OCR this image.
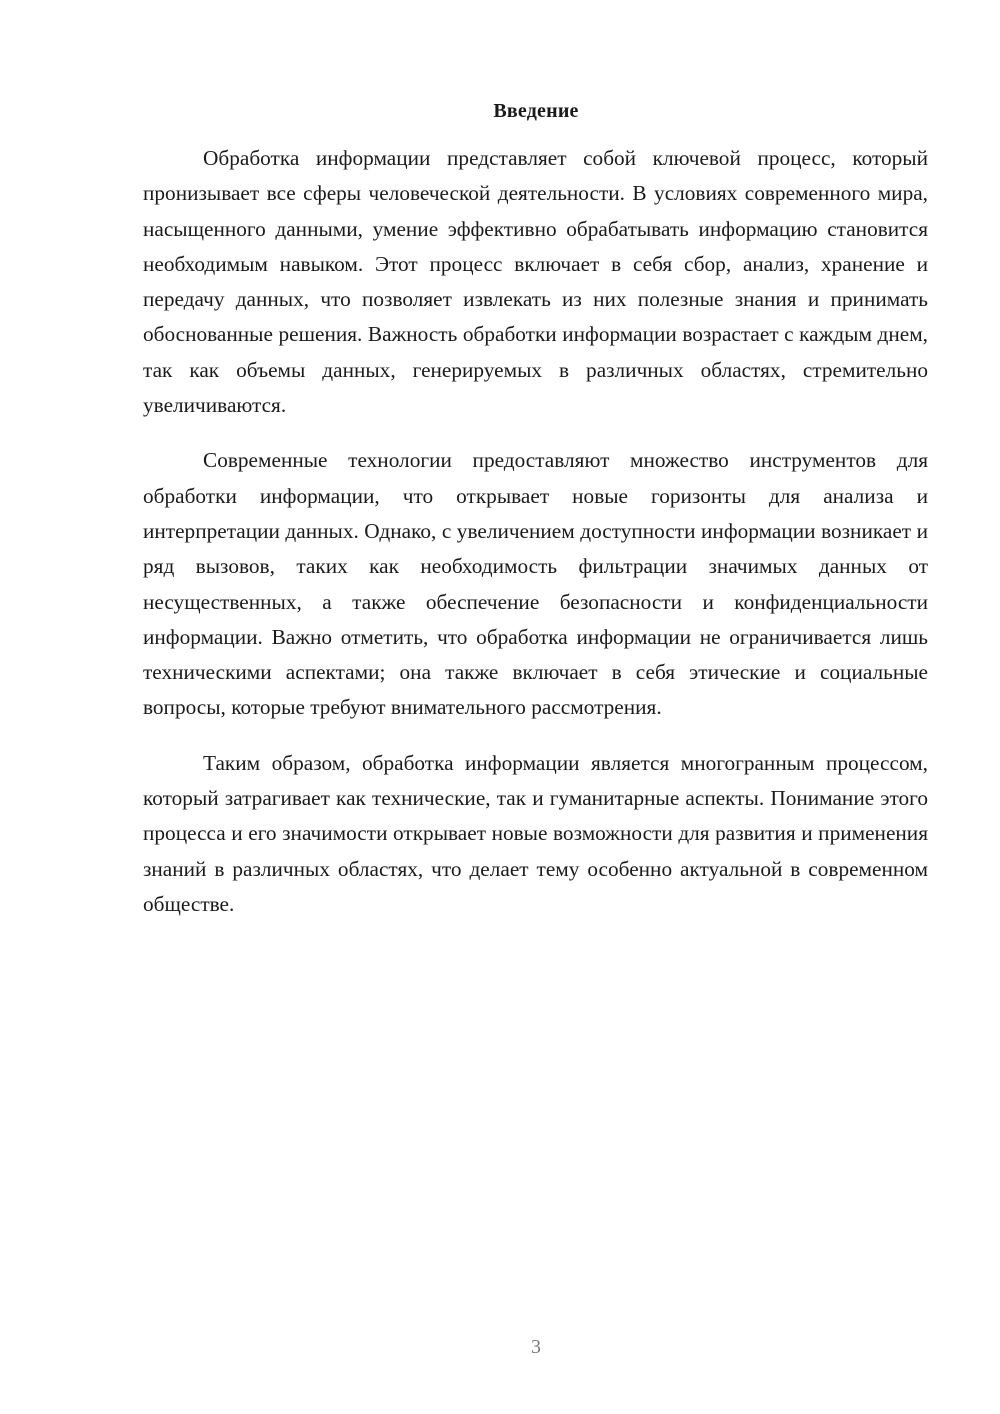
Введение

Обработка информации представляет собой ключевой процесс, который пронизывает все сферы человеческой деятельности. В условиях современного мира, насыщенного данными, умение эффективно обрабатывать информацию становится необходимым навыком. Этот процесс включает в себя сбор, анализ, хранение и передачу данных, что позволяет извлекать из них полезные знания и принимать обоснованные решения. Важность обработки информации возрастает с каждым днем, так как объемы данных, генерируемых в различных областях, стремительно увеличиваются.

Современные технологии предоставляют множество инструментов для обработки информации, что открывает новые горизонты для анализа и интерпретации данных. Однако, с увеличением доступности информации возникает и ряд вызовов, таких как необходимость фильтрации значимых данных от несущественных, а также обеспечение безопасности и конфиденциальности информации. Важно отметить, что обработка информации не ограничивается лишь техническими аспектами; она также включает в себя этические и социальные вопросы, которые требуют внимательного рассмотрения.

Таким образом, обработка информации является многогранным процессом, который затрагивает как технические, так и гуманитарные аспекты. Понимание этого процесса и его значимости открывает новые возможности для развития и применения знаний в различных областях, что делает тему особенно актуальной в современном обществе.

3
